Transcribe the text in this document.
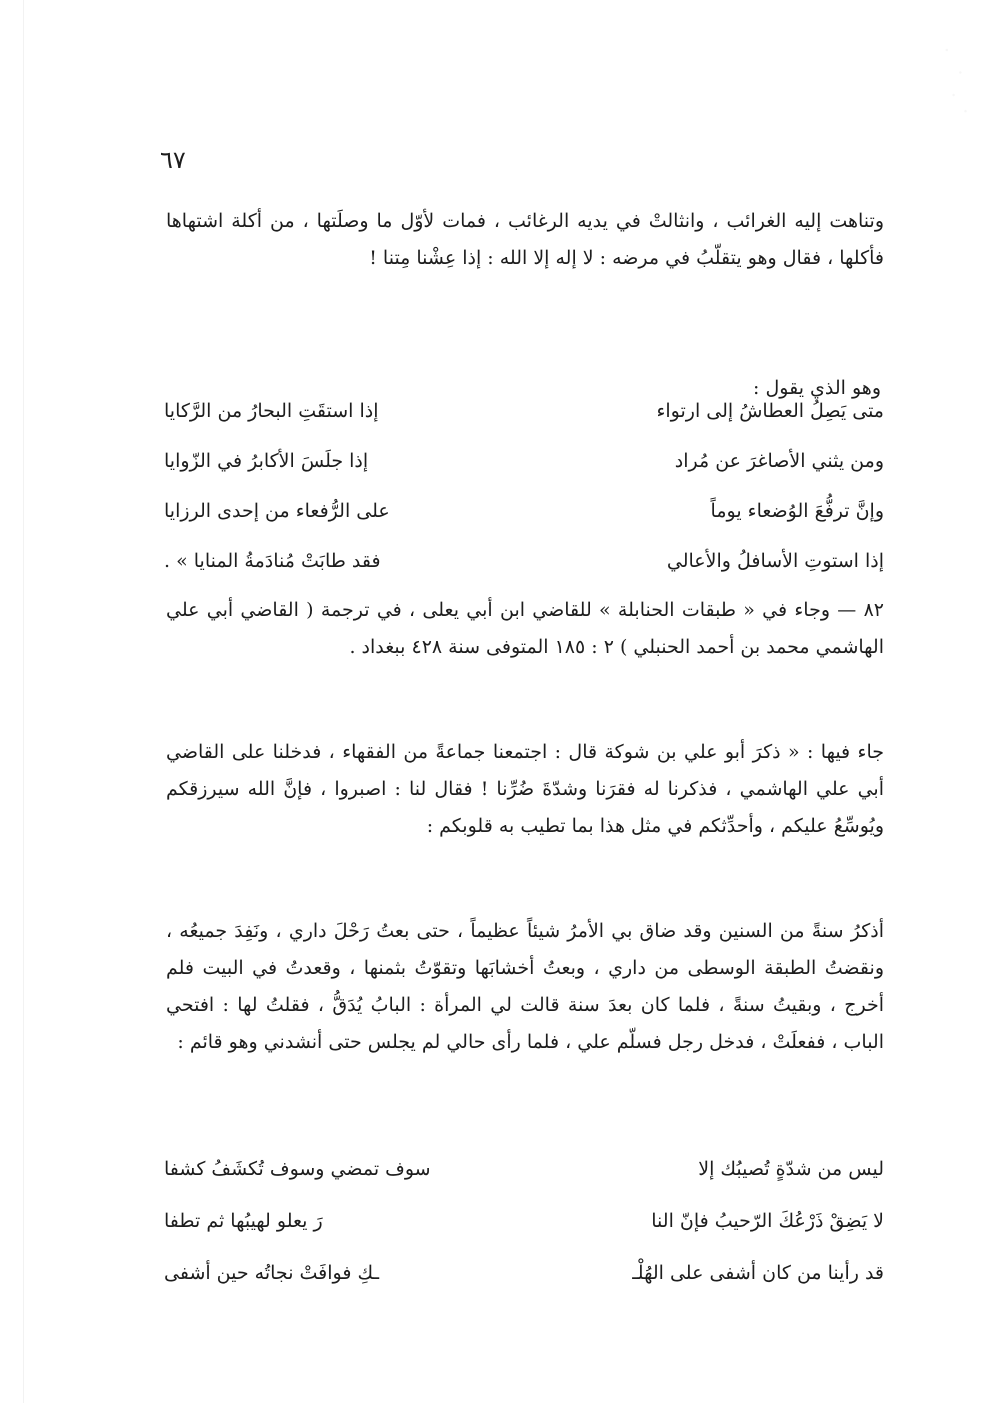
٦٧
وتناهت إليه الغرائب ، وانثالتْ في يديه الرغائب ، فمات لأوّل ما وصلَتها ، من أكلة اشتهاها فأكلها ، فقال وهو يتقلّبُ في مرضه : لا إله إلا الله : إذا عِشْنا مِتنا !
وهو الذي يقول :
متى يَصِلُ العطاشُ إلى ارتواء
إذا استقَتِ البحارُ من الرَّكايا
ومن يثني الأصاغرَ عن مُراد
إذا جلَسَ الأكابرُ في الزّوايا
وإنَّ ترفُّعَ الوُضعاء يوماً
على الرُّفعاء من إحدى الرزايا
إذا استوتِ الأسافلُ والأعالي
فقد طابَتْ مُنادَمةُ المنايا » .
٨٢ — وجاء في « طبقات الحنابلة » للقاضي ابن أبي يعلى ، في ترجمة ( القاضي أبي علي الهاشمي محمد بن أحمد الحنبلي ) ٢ : ١٨٥ المتوفى سنة ٤٢٨ ببغداد .
جاء فيها : « ذكرَ أبو علي بن شوكة قال : اجتمعنا جماعةً من الفقهاء ، فدخلنا على القاضي أبي علي الهاشمي ، فذكرنا له فقرَنا وشدّةَ ضُرِّنا ! فقال لنا : اصبروا ، فإنَّ الله سيرزقكم ويُوسِّعُ عليكم ، وأحدِّثكم في مثل هذا بما تطيب به قلوبكم :
أذكرُ سنةً من السنين وقد ضاق بي الأمرُ شيئاً عظيماً ، حتى بعتُ رَحْلَ داري ، ونَفِدَ جميعُه ، ونقضتُ الطبقة الوسطى من داري ، وبعتُ أخشابَها وتقوّتُ بثمنها ، وقعدتُ في البيت فلم أخرج ، وبقيتُ سنةً ، فلما كان بعدَ سنة قالت لي المرأة : البابُ يُدَقُّ ، فقلتُ لها : افتحي الباب ، ففعلَتْ ، فدخل رجل فسلّم علي ، فلما رأى حالي لم يجلس حتى أنشدني وهو قائم :
ليس من شدّةٍ تُصيبُك إلا
سوف تمضي وسوف تُكشَفُ كشفا
لا يَضِقْ ذَرْعُكَ الرّحيبُ فإنّ النا
رَ يعلو لهيبُها ثم تطفا
قد رأينا من كان أشفى على الهُلْـ
ـكِ فوافَتْ نجاتُه حين أشفى
